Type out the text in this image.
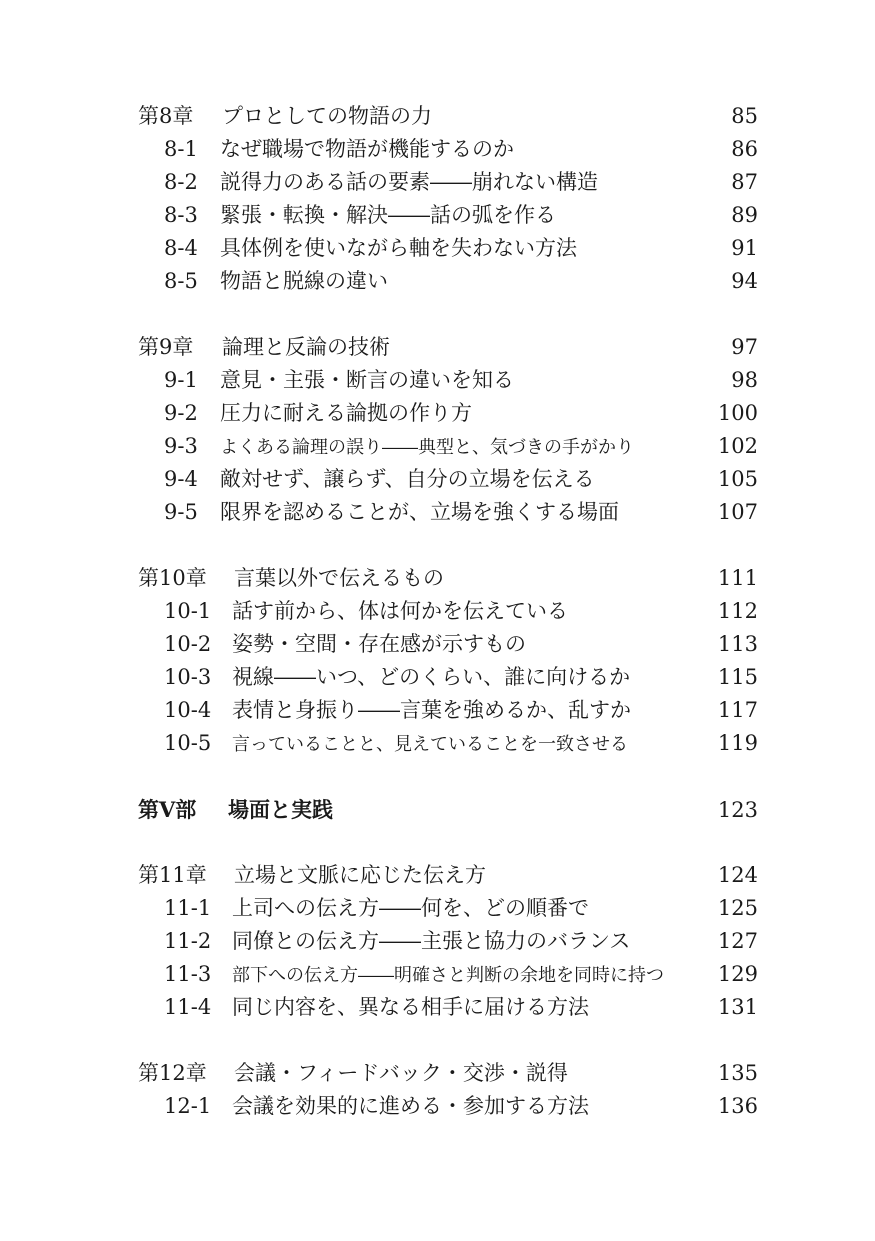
第8章	プロとしての物語の力	85
8-1	なぜ職場で物語が機能するのか	86
8-2	説得力のある話の要素――崩れない構造	87
8-3	緊張・転換・解決――話の弧を作る	89
8-4	具体例を使いながら軸を失わない方法	91
8-5	物語と脱線の違い	94
第9章	論理と反論の技術	97
9-1	意見・主張・断言の違いを知る	98
9-2	圧力に耐える論拠の作り方	100
9-3	よくある論理の誤り――典型と、気づきの手がかり	102
9-4	敵対せず、譲らず、自分の立場を伝える	105
9-5	限界を認めることが、立場を強くする場面	107
第10章	言葉以外で伝えるもの	111
10-1 話す前から、体は何かを伝えている	112
10-2 姿勢・空間・存在感が示すもの	113
10-3 視線――いつ、どのくらい、誰に向けるか	115
10-4 表情と身振り――言葉を強めるか、乱すか	117
10-5	言っていることと、見えていることを一致させる	119
第Ⅴ部	場面と実践	123
第11章	立場と文脈に応じた伝え方	124
11-1 上司への伝え方――何を、どの順番で	125
11-2 同僚との伝え方――主張と協力のバランス	127
11-3	部下への伝え方――明確さと判断の余地を同時に持つ	129
11-4 同じ内容を、異なる相手に届ける方法	131
第12章	会議・フィードバック・交渉・説得	135
12-1 会議を効果的に進める・参加する方法	136
